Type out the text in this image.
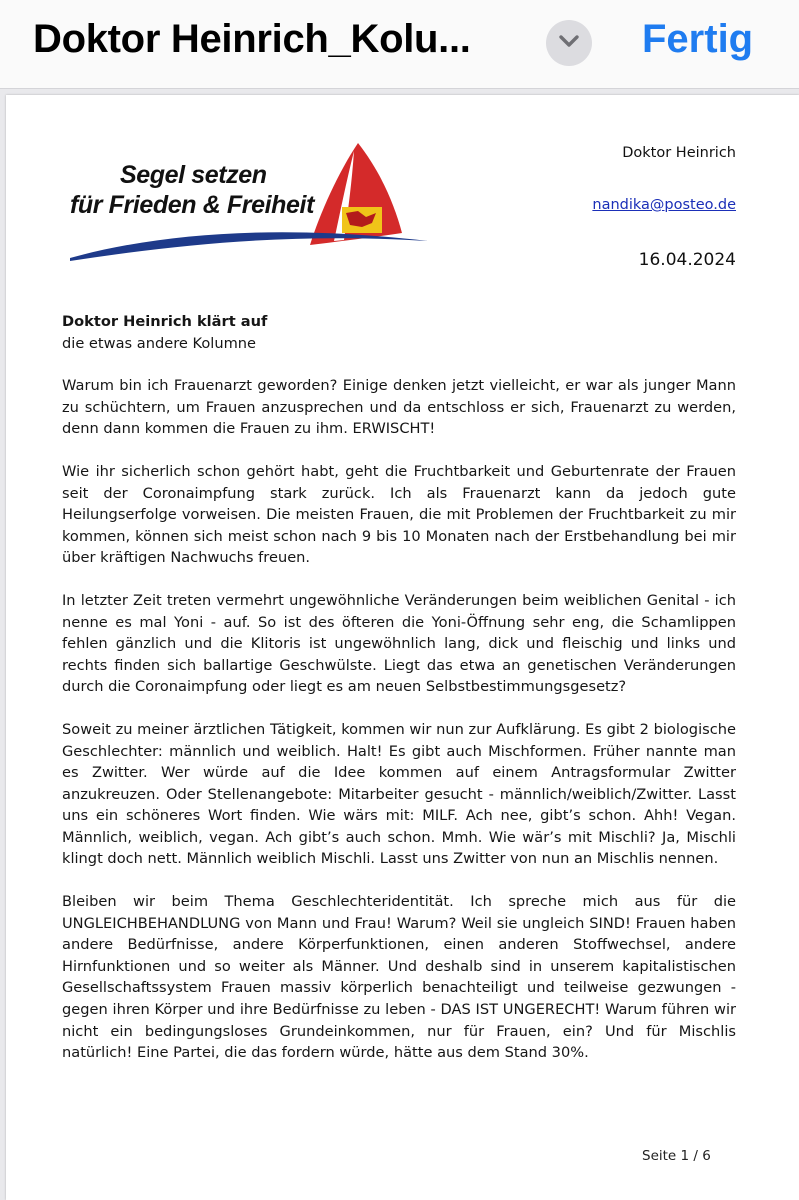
Doktor Heinrich_Kolu...	Fertig
Segel setzen
für Frieden & Freiheit
Doktor Heinrich
nandika@posteo.de
16.04.2024

Doktor Heinrich klärt auf

die etwas andere Kolumne

Warum bin ich Frauenarzt geworden? Einige denken jetzt vielleicht, er war als junger Mann zu schüchtern, um Frauen anzusprechen und da entschloss er sich, Frauenarzt zu werden, denn dann kommen die Frauen zu ihm. ERWISCHT!

Wie ihr sicherlich schon gehört habt, geht die Fruchtbarkeit und Geburtenrate der Frauen seit der Coronaimpfung stark zurück. Ich als Frauenarzt kann da jedoch gute Heilungserfolge vorweisen. Die meisten Frauen, die mit Problemen der Fruchtbarkeit zu mir kommen, können sich meist schon nach 9 bis 10 Monaten nach der Erstbehandlung bei mir über kräftigen Nachwuchs freuen.

In letzter Zeit treten vermehrt ungewöhnliche Veränderungen beim weiblichen Genital - ich nenne es mal Yoni - auf. So ist des öfteren die Yoni-Öffnung sehr eng, die Schamlippen fehlen gänzlich und die Klitoris ist ungewöhnlich lang, dick und fleischig und links und rechts finden sich ballartige Geschwülste. Liegt das etwa an genetischen Veränderungen durch die Coronaimpfung oder liegt es am neuen Selbstbestimmungsgesetz?

Soweit zu meiner ärztlichen Tätigkeit, kommen wir nun zur Aufklärung. Es gibt 2 biologische Geschlechter: männlich und weiblich. Halt! Es gibt auch Mischformen. Früher nannte man es Zwitter. Wer würde auf die Idee kommen auf einem Antragsformular Zwitter anzukreuzen. Oder Stellenangebote: Mitarbeiter gesucht - männlich/weiblich/Zwitter. Lasst uns ein schöneres Wort finden. Wie wärs mit: MILF. Ach nee, gibt’s schon. Ahh! Vegan. Männlich, weiblich, vegan. Ach gibt’s auch schon. Mmh. Wie wär’s mit Mischli? Ja, Mischli klingt doch nett. Männlich weiblich Mischli. Lasst uns Zwitter von nun an Mischlis nennen.

Bleiben wir beim Thema Geschlechteridentität. Ich spreche mich aus für die UNGLEICHBEHANDLUNG von Mann und Frau! Warum? Weil sie ungleich SIND! Frauen haben andere Bedürfnisse, andere Körperfunktionen, einen anderen Stoffwechsel, andere Hirnfunktionen und so weiter als Männer. Und deshalb sind in unserem kapitalistischen Gesellschaftssystem Frauen massiv körperlich benachteiligt und teilweise gezwungen - gegen ihren Körper und ihre Bedürfnisse zu leben - DAS IST UNGERECHT! Warum führen wir nicht ein bedingungsloses Grundeinkommen, nur für Frauen, ein? Und für Mischlis natürlich! Eine Partei, die das fordern würde, hätte aus dem Stand 30%.

Seite 1 / 6
